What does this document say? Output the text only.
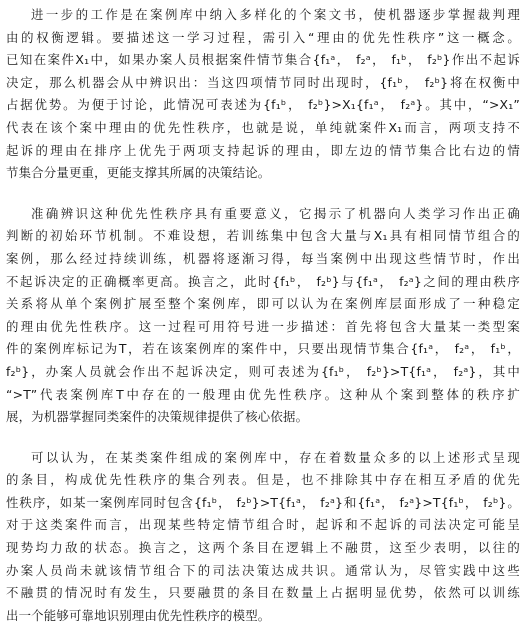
进一步的工作是在案例库中纳入多样化的个案文书，使机器逐步掌握裁判理
由的权衡逻辑。要描述这一学习过程，需引入“理由的优先性秩序”这一概念。
已知在案件X₁中，如果办案人员根据案件情节集合{f₁ᵃ， f₂ᵃ， f₁ᵇ， f₂ᵇ}作出不起诉
决定，那么机器会从中辨识出：当这四项情节同时出现时，{f₁ᵇ， f₂ᵇ}将在权衡中
占据优势。为便于讨论，此情况可表述为{f₁ᵇ， f₂ᵇ}>X₁{f₁ᵃ， f₂ᵃ}。其中，“>X₁”
代表在该个案中理由的优先性秩序，也就是说，单纯就案件X₁而言，两项支持不
起诉的理由在排序上优先于两项支持起诉的理由，即左边的情节集合比右边的情
节集合分量更重，更能支撑其所属的决策结论。
准确辨识这种优先性秩序具有重要意义，它揭示了机器向人类学习作出正确
判断的初始环节机制。不难设想，若训练集中包含大量与X₁具有相同情节组合的
案例，那么经过持续训练，机器将逐渐习得，每当案例中出现这些情节时，作出
不起诉决定的正确概率更高。换言之，此时{f₁ᵇ， f₂ᵇ}与{f₁ᵃ， f₂ᵃ}之间的理由秩序
关系将从单个案例扩展至整个案例库，即可以认为在案例库层面形成了一种稳定
的理由优先性秩序。这一过程可用符号进一步描述：首先将包含大量某一类型案
件的案例库标记为T，若在该案例库的案件中，只要出现情节集合{f₁ᵃ， f₂ᵃ， f₁ᵇ，
f₂ᵇ}，办案人员就会作出不起诉决定，则可表述为{f₁ᵇ， f₂ᵇ}>T{f₁ᵃ， f₂ᵃ}，其中
“>T”代表案例库T中存在的一般理由优先性秩序。这种从个案到整体的秩序扩
展，为机器掌握同类案件的决策规律提供了核心依据。
可以认为，在某类案件组成的案例库中，存在着数量众多的以上述形式呈现
的条目，构成优先性秩序的集合列表。但是，也不排除其中存在相互矛盾的优先
性秩序，如某一案例库同时包含{f₁ᵇ， f₂ᵇ}>T{f₁ᵃ， f₂ᵃ}和{f₁ᵃ， f₂ᵃ}>T{f₁ᵇ， f₂ᵇ}。
对于这类案件而言，出现某些特定情节组合时，起诉和不起诉的司法决定可能呈
现势均力敌的状态。换言之，这两个条目在逻辑上不融贯，这至少表明，以往的
办案人员尚未就该情节组合下的司法决策达成共识。通常认为，尽管实践中这些
不融贯的情况时有发生，只要融贯的条目在数量上占据明显优势，依然可以训练
出一个能够可靠地识别理由优先性秩序的模型。
